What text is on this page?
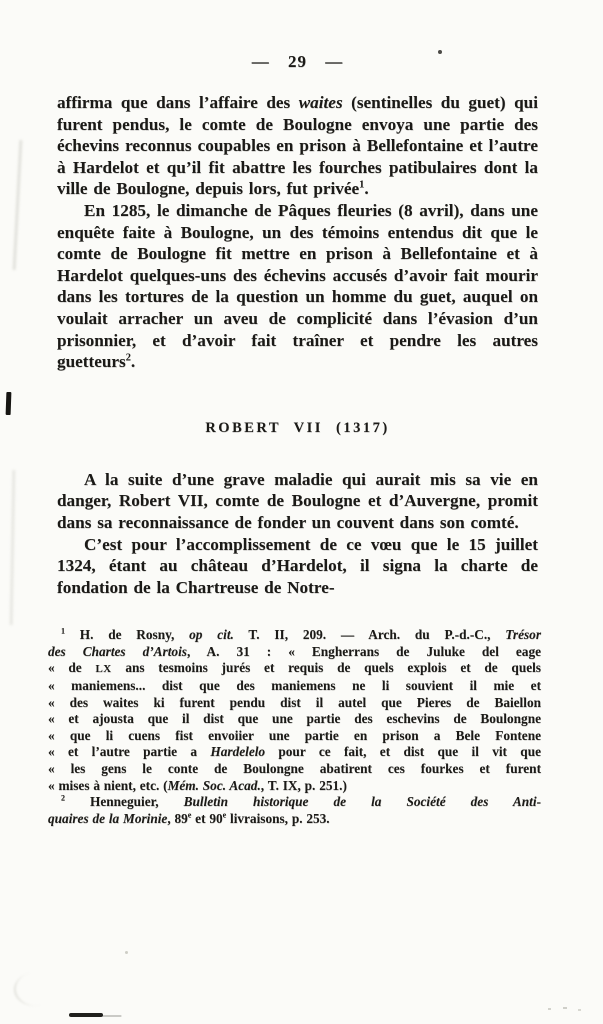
— 29 —

affirma que dans l’affaire des waites (sentinelles du guet) qui furent pendus, le comte de Boulogne envoya une partie des échevins reconnus coupables en prison à Bellefontaine et l’autre à Hardelot et qu’il fit abattre les fourches patibulaires dont la ville de Boulogne, depuis lors, fut privée$^1$.

En 1285, le dimanche de Pâques fleuries (8 avril), dans une enquête faite à Boulogne, un des témoins entendus dit que le comte de Boulogne fit mettre en prison à Bellefontaine et à Hardelot quelques-uns des échevins accusés d’avoir fait mourir dans les tortures de la question un homme du guet, auquel on voulait arracher un aveu de complicité dans l’évasion d’un prisonnier, et d’avoir fait traîner et pendre les autres guetteurs$^2$.

ROBERT VII (1317)

A la suite d’une grave maladie qui aurait mis sa vie en danger, Robert VII, comte de Boulogne et d’Auvergne, promit dans sa reconnaissance de fonder un couvent dans son comté.

C’est pour l’accomplissement de ce vœu que le 15 juillet 1324, étant au château d’Hardelot, il signa la charte de fondation de la Chartreuse de Notre-

$^1$ H. de Rosny, op cit. T. II, 209. — Arch. du P.-d.-C., Trésor
des Chartes d’Artois, A. 31 : « Engherrans de Juluke del eage
« de LX ans tesmoins jurés et requis de quels explois et de quels
« maniemens... dist que des maniemens ne li souvient il mie et
« des waites ki furent pendu dist il autel que Pieres de Baiellon
« et ajousta que il dist que une partie des eschevins de Boulongne
« que li cuens fist envoiier une partie en prison a Bele Fontene
« et l’autre partie a Hardelelo pour ce fait, et dist que il vit que
« les gens le conte de Boulongne abatirent ces fourkes et furent
« mises à nient, etc. (Mém. Soc. Acad., T. IX, p. 251.)
$^2$ Henneguier, Bulletin historique de la Société des Anti-
quaires de la Morinie, 89e et 90e livraisons, p. 253.
